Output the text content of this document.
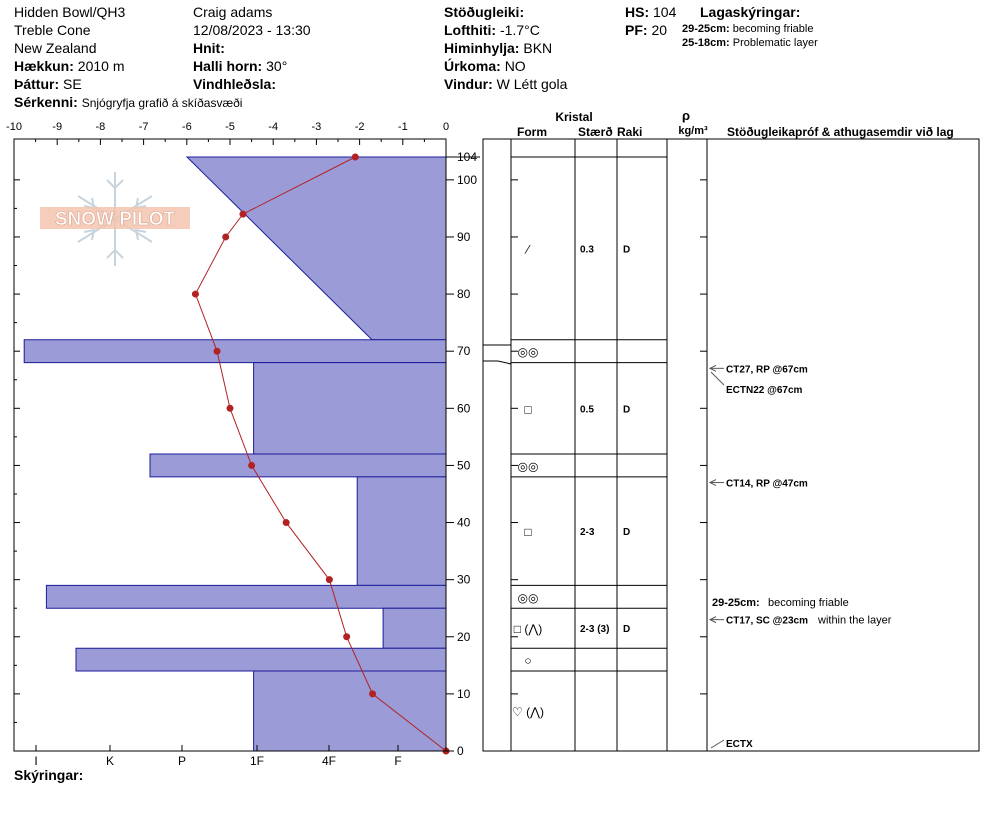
Hidden Bowl/QH3
Treble Cone
New Zealand
Hækkun: 2010 m
Þáttur: SE
Sérkenni: Snjógryfja grafið á skíðasvæði
Craig adams
12/08/2023 - 13:30
Hnit:
Halli horn: 30°
Vindhleðsla:
Stöðugleiki:
Lofthiti: -1.7°C
Himinhylja: BKN
Úrkoma: NO
Vindur: W Létt gola
HS: 104
PF: 20
Lagaskýringar:
29-25cm: becoming friable
25-18cm: Problematic layer
SNOW PILOT
-10	-9	-8	-7	-6	-5	-4	-3	-2	-1	0
0
10
20
30
40
50
60
70
80
90
100
104
I	K	P	1F	4F	F
Kristal
Form	Stærð Raki
ρ
kg/m³ Stöðugleikapróf & athugasemdir við lag
⁄	0.3	D
◎◎
□	0.5	D
◎◎
□	2-3	D
◎◎
□ (⋀)	2-3 (3) D
○
♡ (⋀)
CT27, RP @67cm
ECTN22 @67cm
CT14, RP @47cm
ECTX
29-25cm: becoming friable
CT17, SC @23cm within the layer
Skýringar:
